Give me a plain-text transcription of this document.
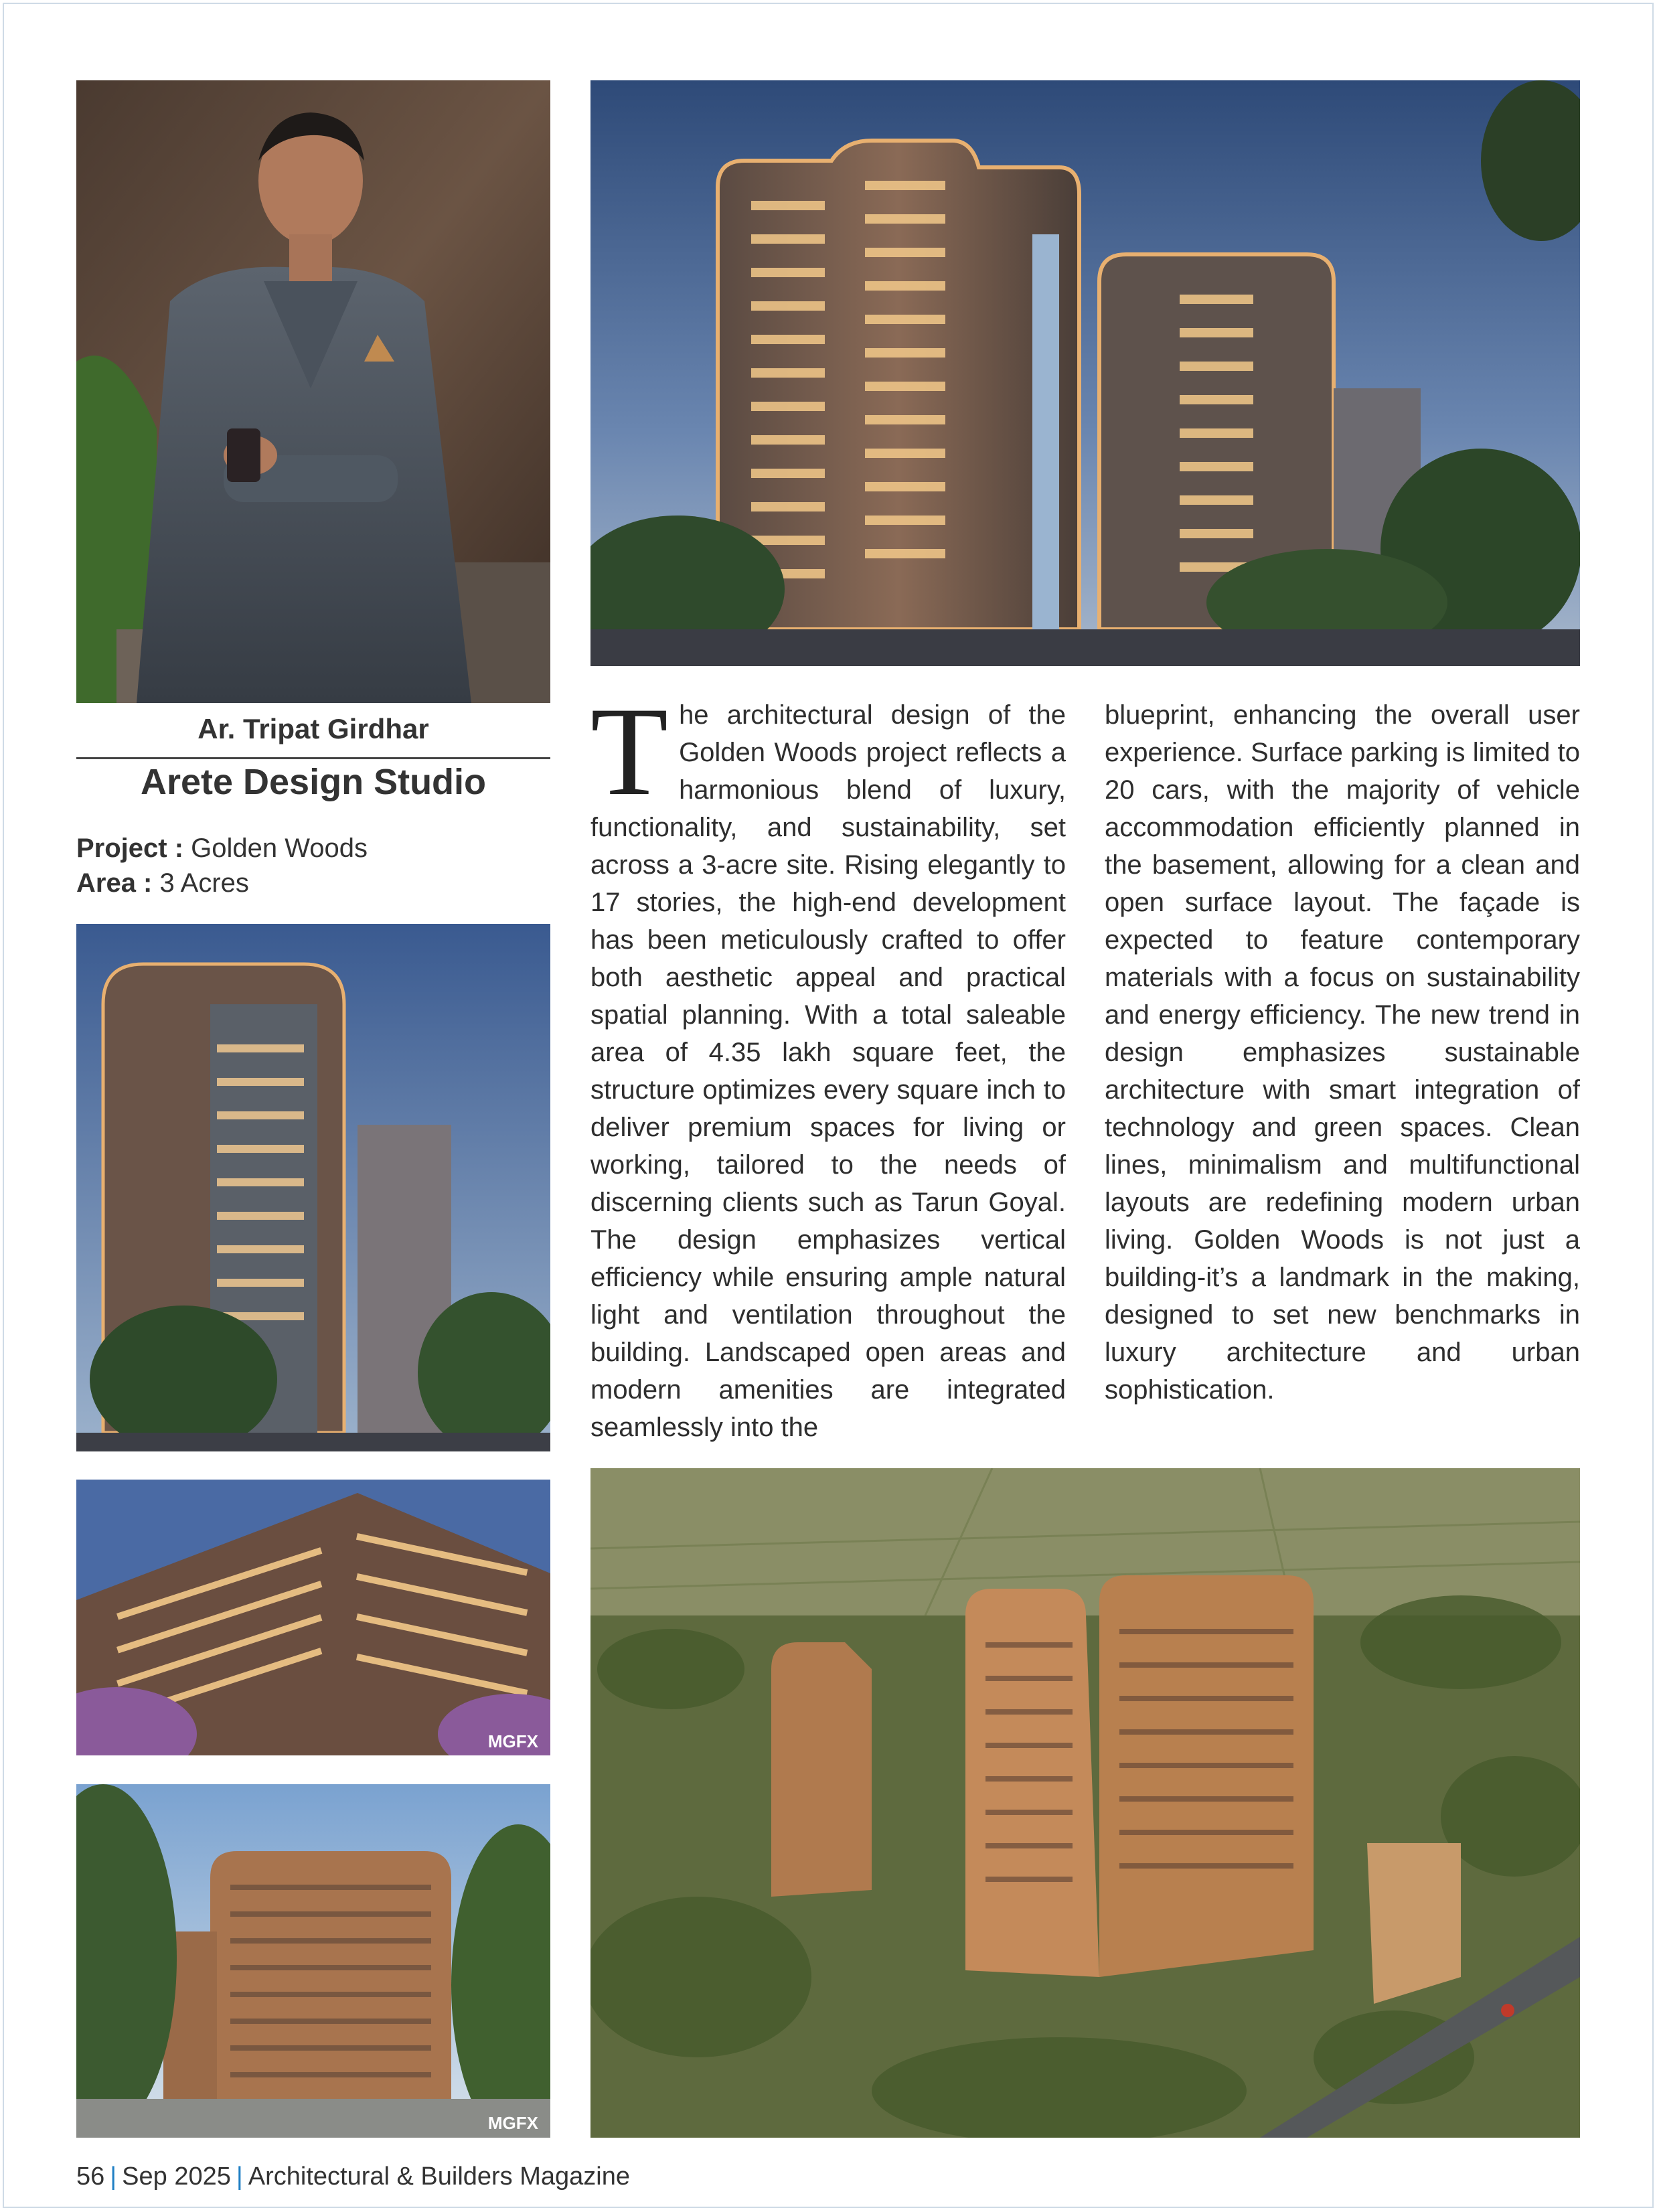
Ar. Tripat Girdhar
Arete Design Studio
Project : Golden Woods
Area : 3 Acres
T he architectural design of the Golden Woods project reflects a harmonious blend of luxury, functionality, and sustainability, set across a 3-acre site. Rising elegantly to 17 stories, the high-end development has been meticulously crafted to offer both aesthetic appeal and practical spatial planning. With a total saleable area of 4.35 lakh square feet, the structure optimizes every square inch to deliver premium spaces for living or working, tailored to the needs of discerning clients such as Tarun Goyal. The design emphasizes vertical efficiency while ensuring ample natural light and ventilation throughout the building. Landscaped open areas and modern amenities are integrated seamlessly into the

blueprint, enhancing the overall user experience. Surface parking is limited to 20 cars, with the majority of vehicle accommodation efficiently planned in the basement, allowing for a clean and open surface layout. The façade is expected to feature contemporary materials with a focus on sustainability and energy efficiency. The new trend in design emphasizes sustainable architecture with smart integration of technology and green spaces. Clean lines, minimalism and multifunctional layouts are redefining modern urban living. Golden Woods is not just a building-it’s a landmark in the making, designed to set new benchmarks in luxury architecture and urban sophistication.

MGFX
MGFX
56 | Sep 2025 | Architectural & Builders Magazine
